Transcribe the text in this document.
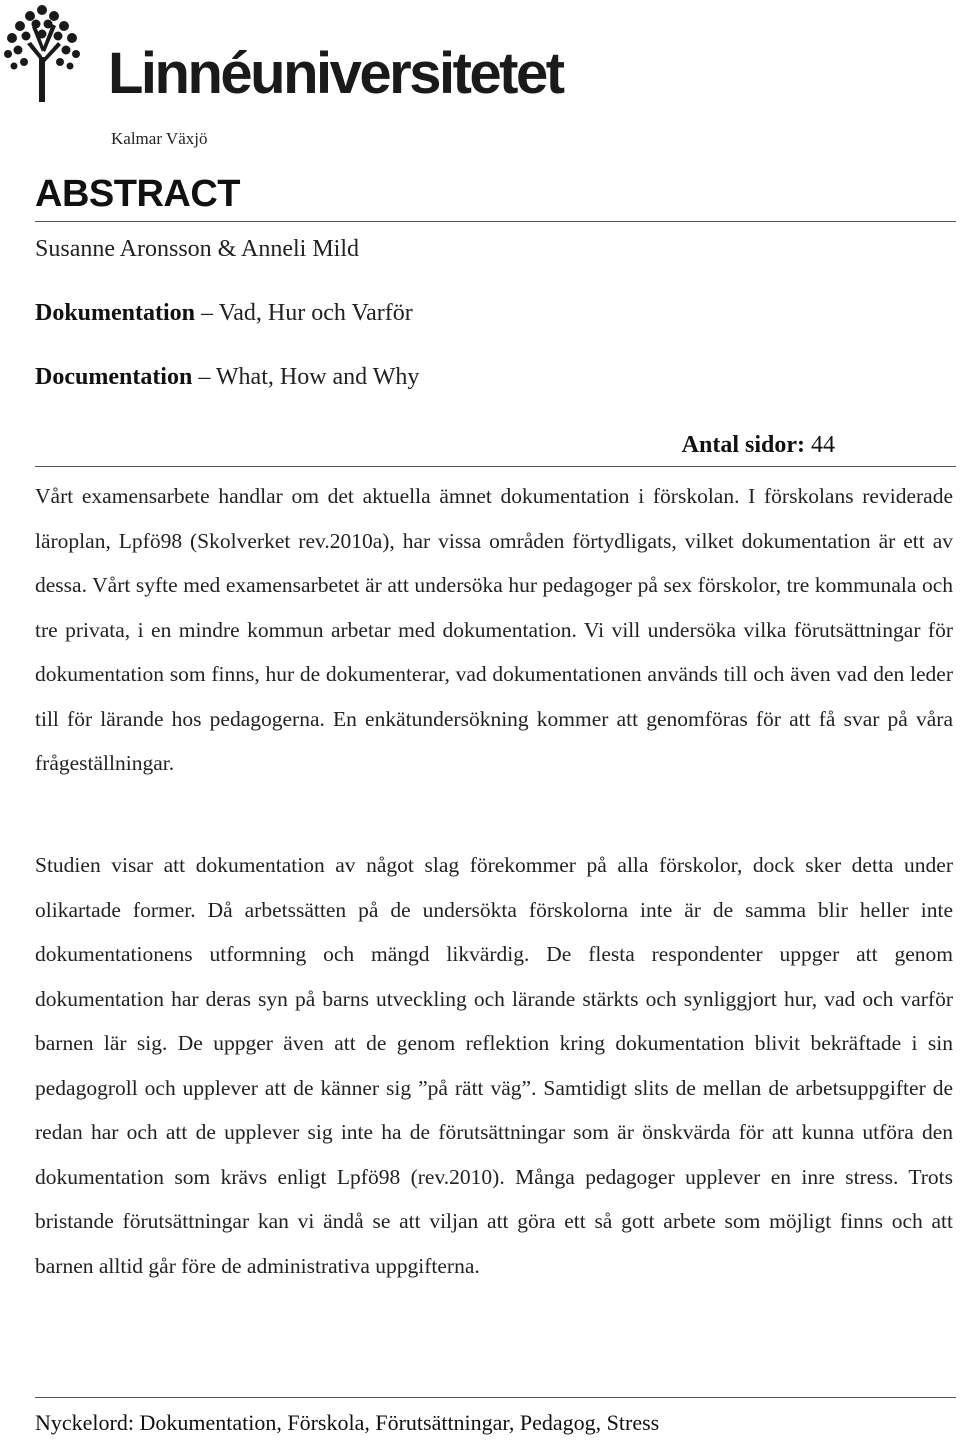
Linnéuniversitetet
Kalmar Växjö
ABSTRACT
Susanne Aronsson & Anneli Mild
Dokumentation – Vad, Hur och Varför
Documentation – What, How and Why
Antal sidor: 44

Vårt examensarbete handlar om det aktuella ämnet dokumentation i förskolan. I förskolans reviderade läroplan, Lpfö98 (Skolverket rev.2010a), har vissa områden förtydligats, vilket dokumentation är ett av dessa. Vårt syfte med examensarbetet är att undersöka hur pedagoger på sex förskolor, tre kommunala och tre privata, i en mindre kommun arbetar med dokumentation. Vi vill undersöka vilka förutsättningar för dokumentation som finns, hur de dokumenterar, vad dokumentationen används till och även vad den leder till för lärande hos pedagogerna. En enkätundersökning kommer att genomföras för att få svar på våra frågeställningar.

Studien visar att dokumentation av något slag förekommer på alla förskolor, dock sker detta under olikartade former. Då arbetssätten på de undersökta förskolorna inte är de samma blir heller inte dokumentationens utformning och mängd likvärdig. De flesta respondenter uppger att genom dokumentation har deras syn på barns utveckling och lärande stärkts och synliggjort hur, vad och varför barnen lär sig. De uppger även att de genom reflektion kring dokumentation blivit bekräftade i sin pedagogroll och upplever att de känner sig ”på rätt väg”. Samtidigt slits de mellan de arbetsuppgifter de redan har och att de upplever sig inte ha de förutsättningar som är önskvärda för att kunna utföra den dokumentation som krävs enligt Lpfö98 (rev.2010). Många pedagoger upplever en inre stress. Trots bristande förutsättningar kan vi ändå se att viljan att göra ett så gott arbete som möjligt finns och att barnen alltid går före de administrativa uppgifterna.

Nyckelord: Dokumentation, Förskola, Förutsättningar, Pedagog, Stress
